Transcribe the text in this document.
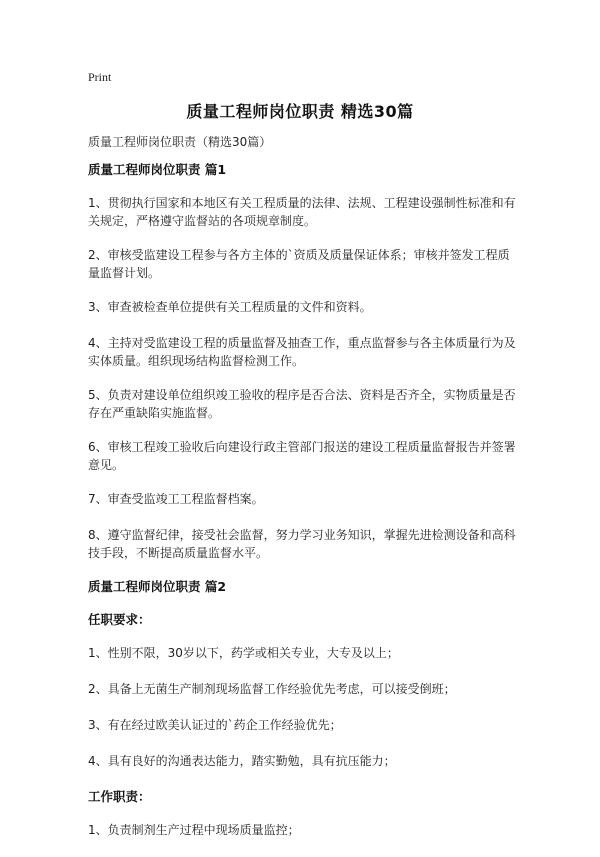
Print
质量工程师岗位职责 精选30篇
质量工程师岗位职责（精选30篇）
质量工程师岗位职责 篇1
1、贯彻执行国家和本地区有关工程质量的法律、法规、工程建设强制性标准和有关规定，严格遵守监督站的各项规章制度。
2、审核受监建设工程参与各方主体的`资质及质量保证体系；审核并签发工程质量监督计划。
3、审查被检查单位提供有关工程质量的文件和资料。
4、主持对受监建设工程的质量监督及抽查工作，重点监督参与各主体质量行为及实体质量。组织现场结构监督检测工作。
5、负责对建设单位组织竣工验收的程序是否合法、资料是否齐全，实物质量是否存在严重缺陷实施监督。
6、审核工程竣工验收后向建设行政主管部门报送的建设工程质量监督报告并签署意见。
7、审查受监竣工工程监督档案。
8、遵守监督纪律，接受社会监督，努力学习业务知识，掌握先进检测设备和高科技手段，不断提高质量监督水平。
质量工程师岗位职责 篇2
任职要求：
1、性别不限，30岁以下，药学或相关专业，大专及以上；
2、具备上无菌生产制剂现场监督工作经验优先考虑，可以接受倒班；
3、有在经过欧美认证过的`药企工作经验优先；
4、具有良好的沟通表达能力，踏实勤勉，具有抗压能力；
工作职责：
1、负责制剂生产过程中现场质量监控；
